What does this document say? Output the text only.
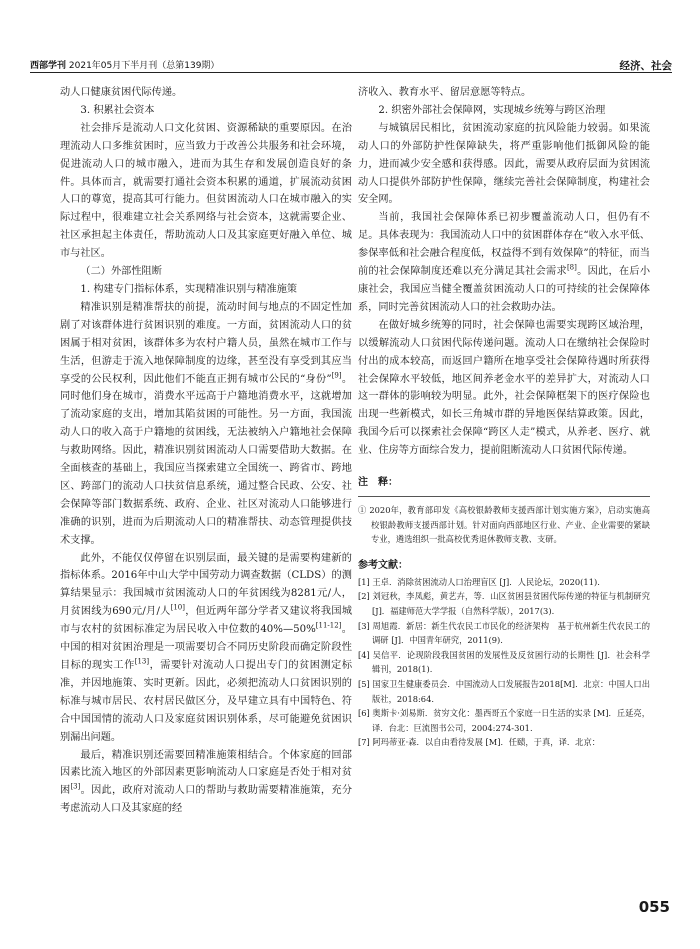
西部学刊 2021年05月下半月刊（总第139期）	经济、社会

动人口健康贫困代际传递。

3. 积累社会资本

社会排斥是流动人口文化贫困、资源稀缺的重要原因。在治理流动人口多维贫困时，应当致力于改善公共服务和社会环境，促进流动人口的城市融入，进而为其生存和发展创造良好的条件。具体而言，就需要打通社会资本积累的通道，扩展流动贫困人口的尊宽，提高其可行能力。但贫困流动人口在城市融入的实际过程中，很难建立社会关系网络与社会资本，这就需要企业、社区承担起主体责任，帮助流动人口及其家庭更好融入单位、城市与社区。

（二）外部性阻断

1. 构建专门指标体系，实现精准识别与精准施策

精准识别是精准帮扶的前提，流动时间与地点的不固定性加剧了对该群体进行贫困识别的难度。一方面，贫困流动人口的贫困属于相对贫困，该群体多为农村户籍人员，虽然在城市工作与生活，但游走于流入地保障制度的边缘，甚至没有享受到其应当享受的公民权利，因此他们不能直正拥有城市公民的“身份”[9]。同时他们身在城市，消费水平远高于户籍地消费水平，这就增加了流动家庭的支出，增加其陷贫困的可能性。另一方面，我国流动人口的收入高于户籍地的贫困线，无法被纳入户籍地社会保障与救助网络。因此，精准识别贫困流动人口需要借助大数据。在全面核查的基础上，我国应当探索建立全国统一、跨省市、跨地区、跨部门的流动人口扶贫信息系统，通过整合民政、公安、社会保障等部门数据系统、政府、企业、社区对流动人口能够进行准确的识别，进而为后期流动人口的精准帮扶、动态管理提供技术支撑。

此外，不能仅仅停留在识别层面，最关键的是需要构建新的指标体系。2016年中山大学中国劳动力调查数据（CLDS）的测算结果显示：我国城市贫困流动人口的年贫困线为8281元/人，月贫困线为690元/月/人[10]，但近两年部分学者又建议将我国城市与农村的贫困标准定为居民收入中位数的40%—50%[11-12]。中国的相对贫困治理是一项需要切合不同历史阶段而确定阶段性目标的现实工作[13]，需要针对流动人口提出专门的贫困测定标准，并因地施策、实时更新。因此，必须把流动人口贫困识别的标准与城市居民、农村居民做区分，及早建立具有中国特色、符合中国国情的流动人口及家庭贫困识别体系，尽可能避免贫困识别漏出问题。

最后，精准识别还需要回精准施策相结合。个体家庭的回部因素比流入地区的外部因素更影响流动人口家庭是否处于相对贫困[3]。因此，政府对流动人口的帮助与救助需要精准施策，充分考虑流动人口及其家庭的经

济收入、教育水平、留居意愿等特点。

2. 织密外部社会保障网，实现城乡统筹与跨区治理

与城镇居民相比，贫困流动家庭的抗风险能力较弱。如果流动人口的外部防护性保障缺失，将严重影响他们抵御风险的能力，进而减少安全感和获得感。因此，需要从政府层面为贫困流动人口提供外部防护性保障，继续完善社会保障制度，构建社会安全网。

当前，我国社会保障体系已初步覆盖流动人口，但仍有不足。具体表现为：我国流动人口中的贫困群体存在“收入水平低、参保率低和社会融合程度低，权益得不到有效保障”的特征，而当前的社会保障制度还难以充分满足其社会需求[8]。因此，在后小康社会，我国应当健全覆盖贫困流动人口的可持续的社会保障体系，同时完善贫困流动人口的社会救助办法。

在做好城乡统筹的同时，社会保障也需要实现跨区域治理，以缓解流动人口贫困代际传递问题。流动人口在缴纳社会保险时付出的成本较高，而返回户籍所在地享受社会保障待遇时所获得社会保障水平较低，地区间养老金水平的差异扩大，对流动人口这一群体的影响较为明显。此外，社会保障框架下的医疗保险也出现一些新模式，如长三角城市群的异地医保结算政策。因此，我国今后可以探索社会保障“跨区人走”模式，从养老、医疗、就业、住房等方面综合发力，提前阻断流动人口贫困代际传递。

注　释：
① 2020年，教育部印发《高校银龄教师支援西部计划实施方案》，启动实施高校银龄教师支援西部计划。针对面向西部地区行业、产业、企业需要的紧缺专业，遴选组织一批高校优秀退休教师支教、支研。
参考文献：
[1] 王卓．消除贫困流动人口治理盲区 [J]．人民论坛，2020(11).
[2] 刘冠秋，李凤彪，黄艺卉，等．山区贫困县贫困代际传递的特征与机制研究 [J]．福建师范大学学报（自然科学版），2017(3).
[3] 周旭霞．新居：新生代农民工市民化的经济架构　基于杭州新生代农民工的调研 [J]．中国青年研究，2011(9).
[4] 吴信平．论现阶段我国贫困的发展性及反贫困行动的长期性 [J]．社会科学辑刊，2018(1).
[5] 国家卫生健康委员会．中国流动人口发展报告2018[M]．北京：中国人口出版社，2018:64.
[6] 奥斯卡·刘易斯．贫穷文化：墨西哥五个家庭一日生活的实录 [M]．丘延亮，译．台北：巨流图书公司，2004:274-301.
[7] 阿玛蒂亚·森．以自由看待发展 [M]．任赜，于真，译．北京：
055
